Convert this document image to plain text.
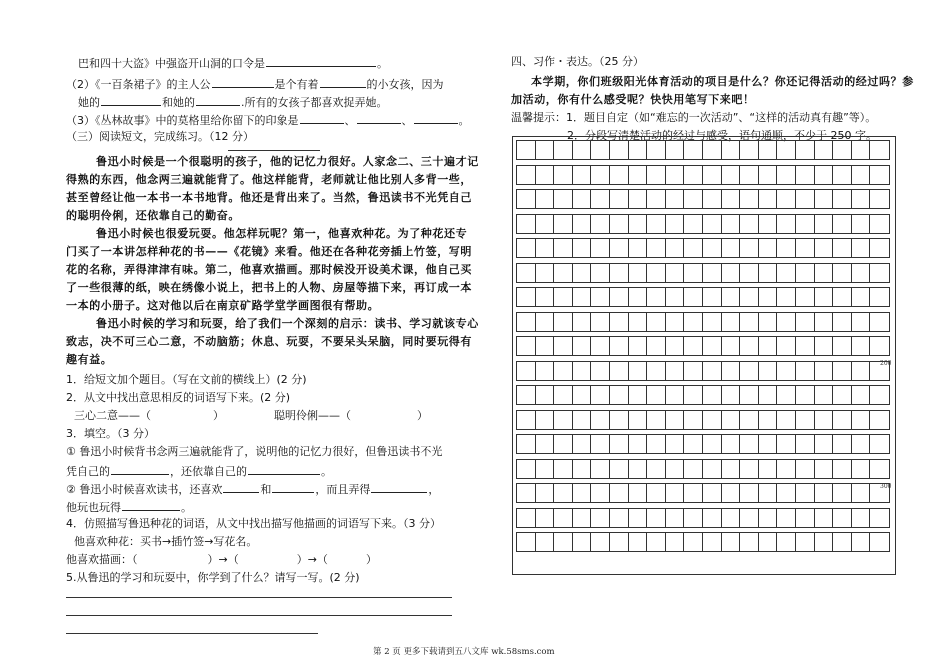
巴和四十大盗》中强盗开山洞的口令是	。
（2）《一百条裙子》的主人公	是个有着	的小女孩，因为
她的	和她的	.所有的女孩子都喜欢捉弄她。
（3）《丛林故事》中的莫格里给你留下的印象是	、	、	。
（三）阅读短文，完成练习。（12 分）
鲁迅小时候是一个很聪明的孩子，他的记忆力很好。人家念二、三十遍才记
得熟的东西，他念两三遍就能背了。他这样能背，老师就让他比别人多背一些，
甚至曾经让他一本书一本书地背。他还是背出来了。当然，鲁迅读书不光凭自己
的聪明伶俐，还依靠自己的勤奋。
鲁迅小时候也很爱玩耍。他怎样玩呢？第一，他喜欢种花。为了种花还专
门买了一本讲怎样种花的书——《花镜》来看。他还在各种花旁插上竹签，写明
花的名称，弄得津津有味。第二，他喜欢描画。那时候没开设美术课，他自己买
了一些很薄的纸，映在绣像小说上，把书上的人物、房屋等描下来，再订成一本
一本的小册子。这对他以后在南京矿路学堂学画图很有帮助。
鲁迅小时候的学习和玩耍，给了我们一个深刻的启示：读书、学习就该专心
致志，决不可三心二意，不动脑筋；休息、玩耍，不要呆头呆脑，同时要玩得有
趣有益。
1．给短文加个题目。（写在文前的横线上）(2 分)
2．从文中找出意思相反的词语写下来。(2 分)
三心二意——（	）	聪明伶俐——（	）
3．填空。（3 分）
① 鲁迅小时候背书念两三遍就能背了，说明他的记忆力很好，但鲁迅读书不光
凭自己的	，还依靠自己的	。
② 鲁迅小时候喜欢读书，还喜欢	和	，而且弄得	，
他玩也玩得	。
4．仿照描写鲁迅种花的词语，从文中找出描写他描画的词语写下来。（3 分）
他喜欢种花：买书→插竹签→写花名。
他喜欢描画：（	）→（	）→（	）
5.从鲁迅的学习和玩耍中，你学到了什么？请写一写。(2 分)
四、习作・表达。（25 分）
本学期，你们班级阳光体育活动的项目是什么？你还记得活动的经过吗？参
加活动，你有什么感受呢？快快用笔写下来吧！
温馨提示：1．题目自定（如“难忘的一次活动”、“这样的活动真有趣”等）。
2．分段写清楚活动的经过与感受，语句通顺，不少于 250 字。
200
300
第 2 页 更多下载请到五八文库 wk.58sms.com
